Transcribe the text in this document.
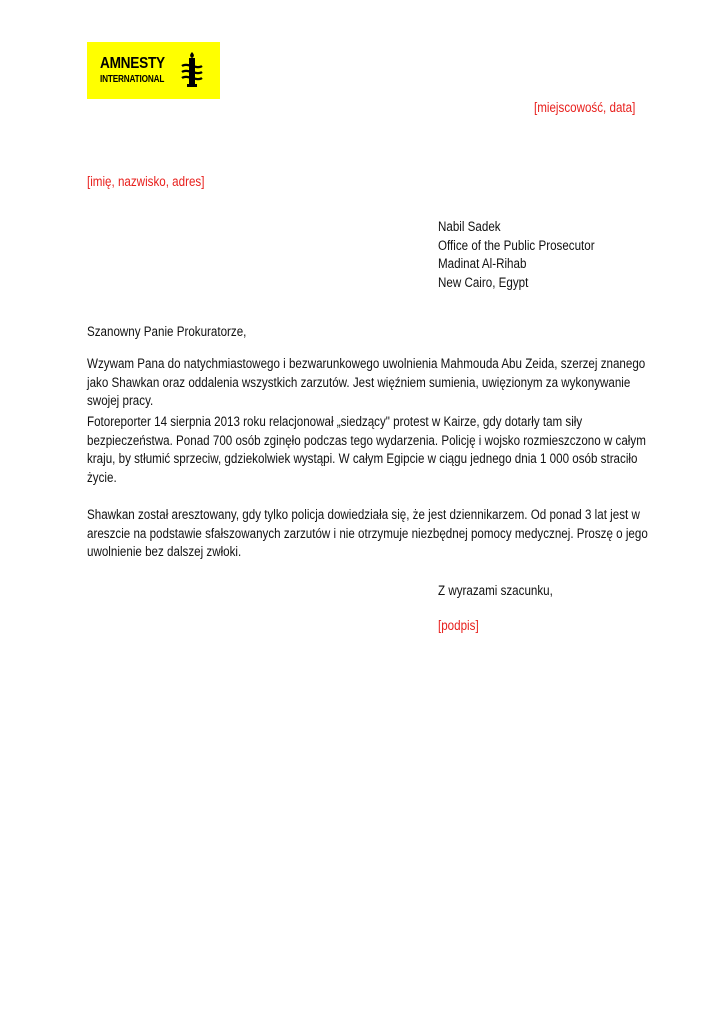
AMNESTY
INTERNATIONAL
[miejscowość, data]
[imię, nazwisko, adres]
Nabil Sadek
Office of the Public Prosecutor
Madinat Al-Rihab
New Cairo, Egypt
Szanowny Panie Prokuratorze,
Wzywam Pana do natychmiastowego i bezwarunkowego uwolnienia Mahmouda Abu Zeida, szerzej znanego
jako Shawkan oraz oddalenia wszystkich zarzutów. Jest więźniem sumienia, uwięzionym za wykonywanie
swojej pracy.
Fotoreporter 14 sierpnia 2013 roku relacjonował „siedzący" protest w Kairze, gdy dotarły tam siły
bezpieczeństwa. Ponad 700 osób zginęło podczas tego wydarzenia. Policję i wojsko rozmieszczono w całym
kraju, by stłumić sprzeciw, gdziekolwiek wystąpi. W całym Egipcie w ciągu jednego dnia 1 000 osób straciło
życie.
Shawkan został aresztowany, gdy tylko policja dowiedziała się, że jest dziennikarzem. Od ponad 3 lat jest w
areszcie na podstawie sfałszowanych zarzutów i nie otrzymuje niezbędnej pomocy medycznej. Proszę o jego
uwolnienie bez dalszej zwłoki.
Z wyrazami szacunku,
[podpis]
